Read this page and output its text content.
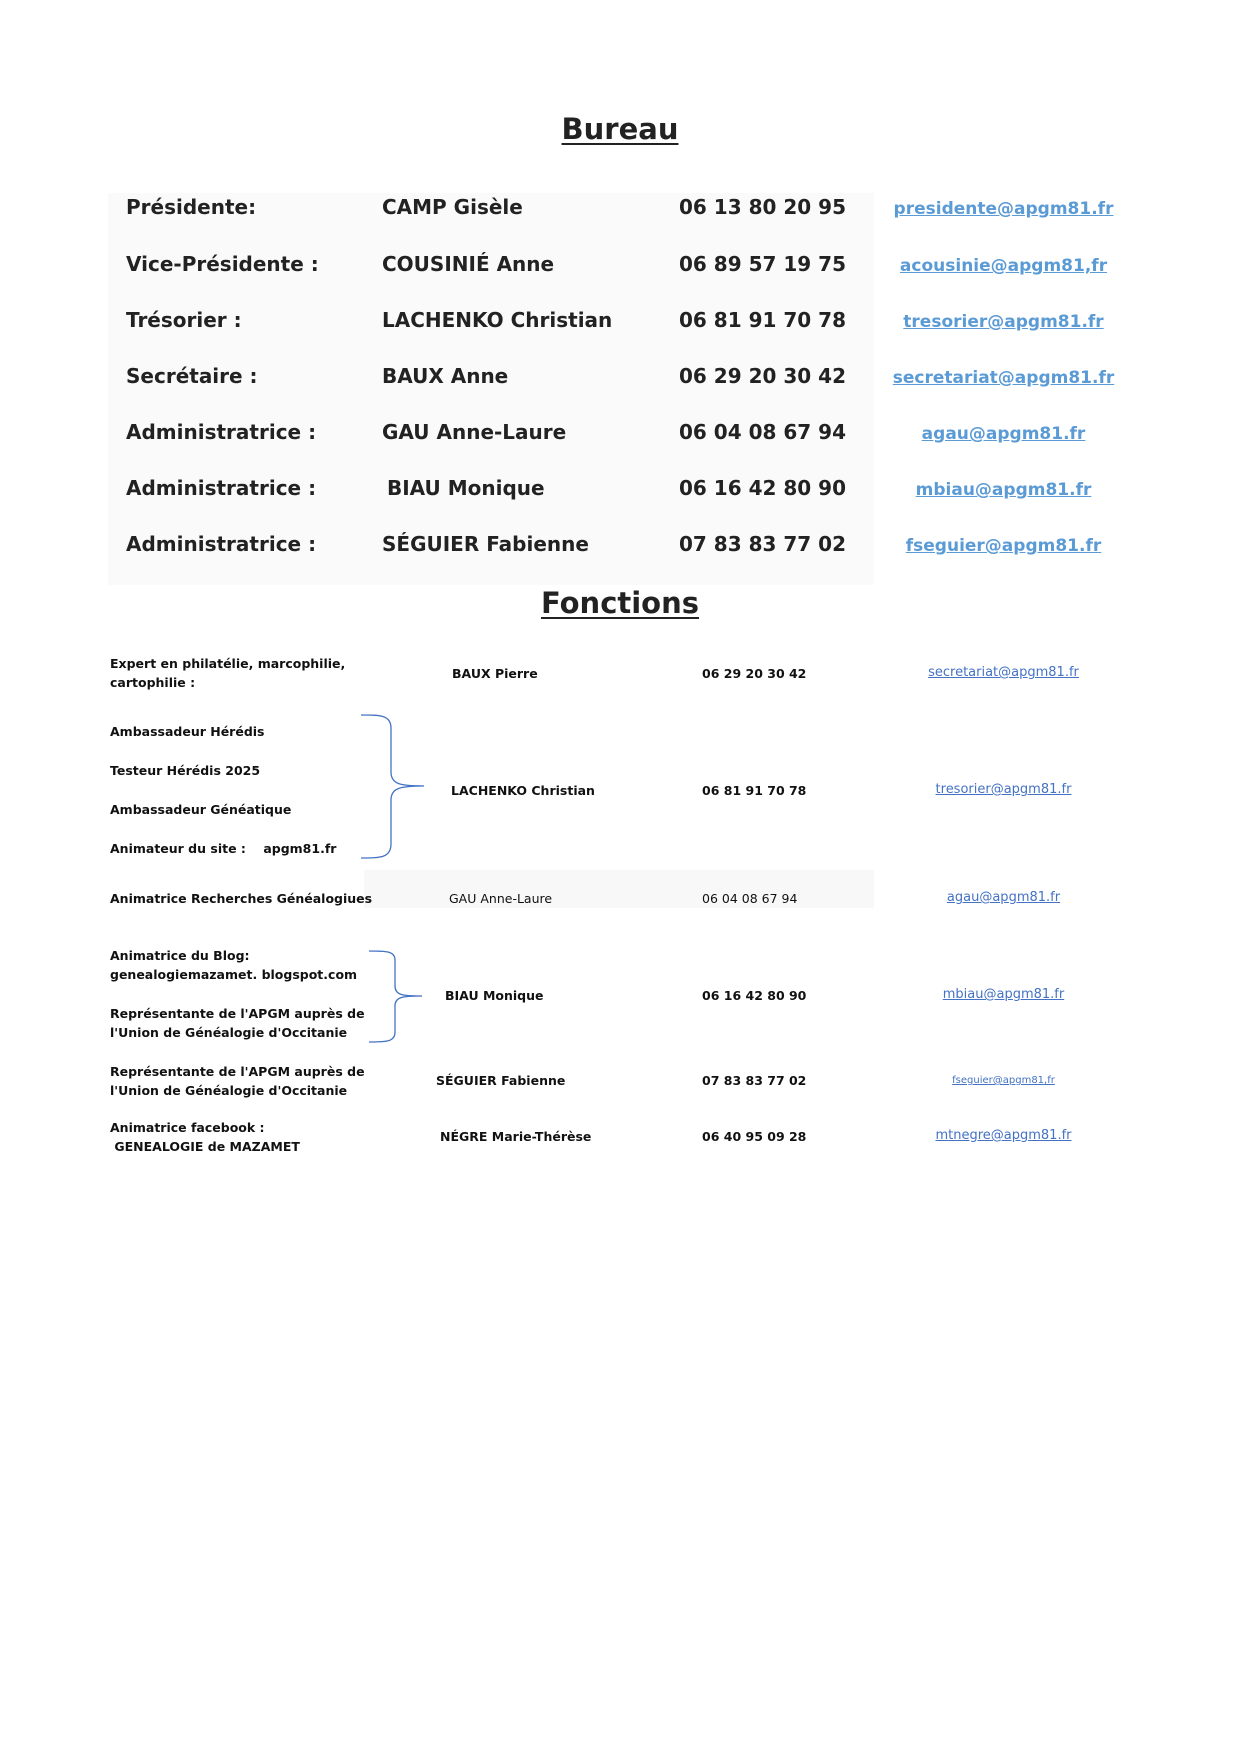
Bureau
Présidente:	CAMP Gisèle	06 13 80 20 95	presidente@apgm81.fr
Vice-Présidente :	COUSINIÉ Anne	06 89 57 19 75	acousinie@apgm81,fr
Trésorier :	LACHENKO Christian	06 81 91 70 78	tresorier@apgm81.fr
Secrétaire :	BAUX Anne	06 29 20 30 42	secretariat@apgm81.fr
Administratrice :	GAU Anne-Laure	06 04 08 67 94	agau@apgm81.fr
Administratrice :	BIAU Monique	06 16 42 80 90	mbiau@apgm81.fr
Administratrice :	SÉGUIER Fabienne	07 83 83 77 02	fseguier@apgm81.fr
Fonctions
Expert en philatélie, marcophilie,
cartophilie :
BAUX Pierre	06 29 20 30 42	secretariat@apgm81.fr
Ambassadeur Hérédis
Testeur Hérédis 2025
Ambassadeur Généatique
Animateur du site :    apgm81.fr
LACHENKO Christian	06 81 91 70 78	tresorier@apgm81.fr
Animatrice Recherches Généalogiues	GAU Anne-Laure	06 04 08 67 94	agau@apgm81.fr
Animatrice du Blog:
genealogiemazamet. blogspot.com
Représentante de l'APGM auprès de
l'Union de Généalogie d'Occitanie
BIAU Monique	06 16 42 80 90	mbiau@apgm81.fr
Représentante de l'APGM auprès de
l'Union de Généalogie d'Occitanie
SÉGUIER Fabienne	07 83 83 77 02	fseguier@apgm81,fr
Animatrice facebook :
GENEALOGIE de MAZAMET
NÉGRE Marie-Thérèse	06 40 95 09 28	mtnegre@apgm81.fr
